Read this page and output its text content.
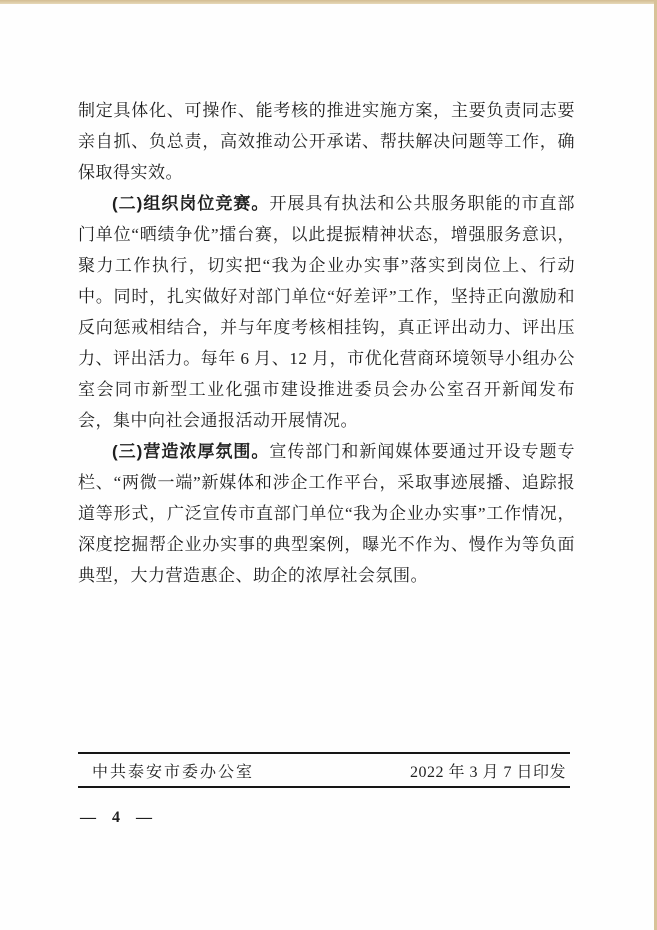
制定具体化、可操作、能考核的推进实施方案，主要负责同志要亲自抓、负总责，高效推动公开承诺、帮扶解决问题等工作，确保取得实效。

(二)组织岗位竞赛。开展具有执法和公共服务职能的市直部门单位“晒绩争优”擂台赛，以此提振精神状态，增强服务意识，聚力工作执行，切实把“我为企业办实事”落实到岗位上、行动中。同时，扎实做好对部门单位“好差评”工作，坚持正向激励和反向惩戒相结合，并与年度考核相挂钩，真正评出动力、评出压力、评出活力。每年 6 月、12 月，市优化营商环境领导小组办公室会同市新型工业化强市建设推进委员会办公室召开新闻发布会，集中向社会通报活动开展情况。

(三)营造浓厚氛围。宣传部门和新闻媒体要通过开设专题专栏、“两微一端”新媒体和涉企工作平台，采取事迹展播、追踪报道等形式，广泛宣传市直部门单位“我为企业办实事”工作情况，深度挖掘帮企业办实事的典型案例，曝光不作为、慢作为等负面典型，大力营造惠企、助企的浓厚社会氛围。

中共泰安市委办公室	2022 年 3 月 7 日印发
— 4 —
